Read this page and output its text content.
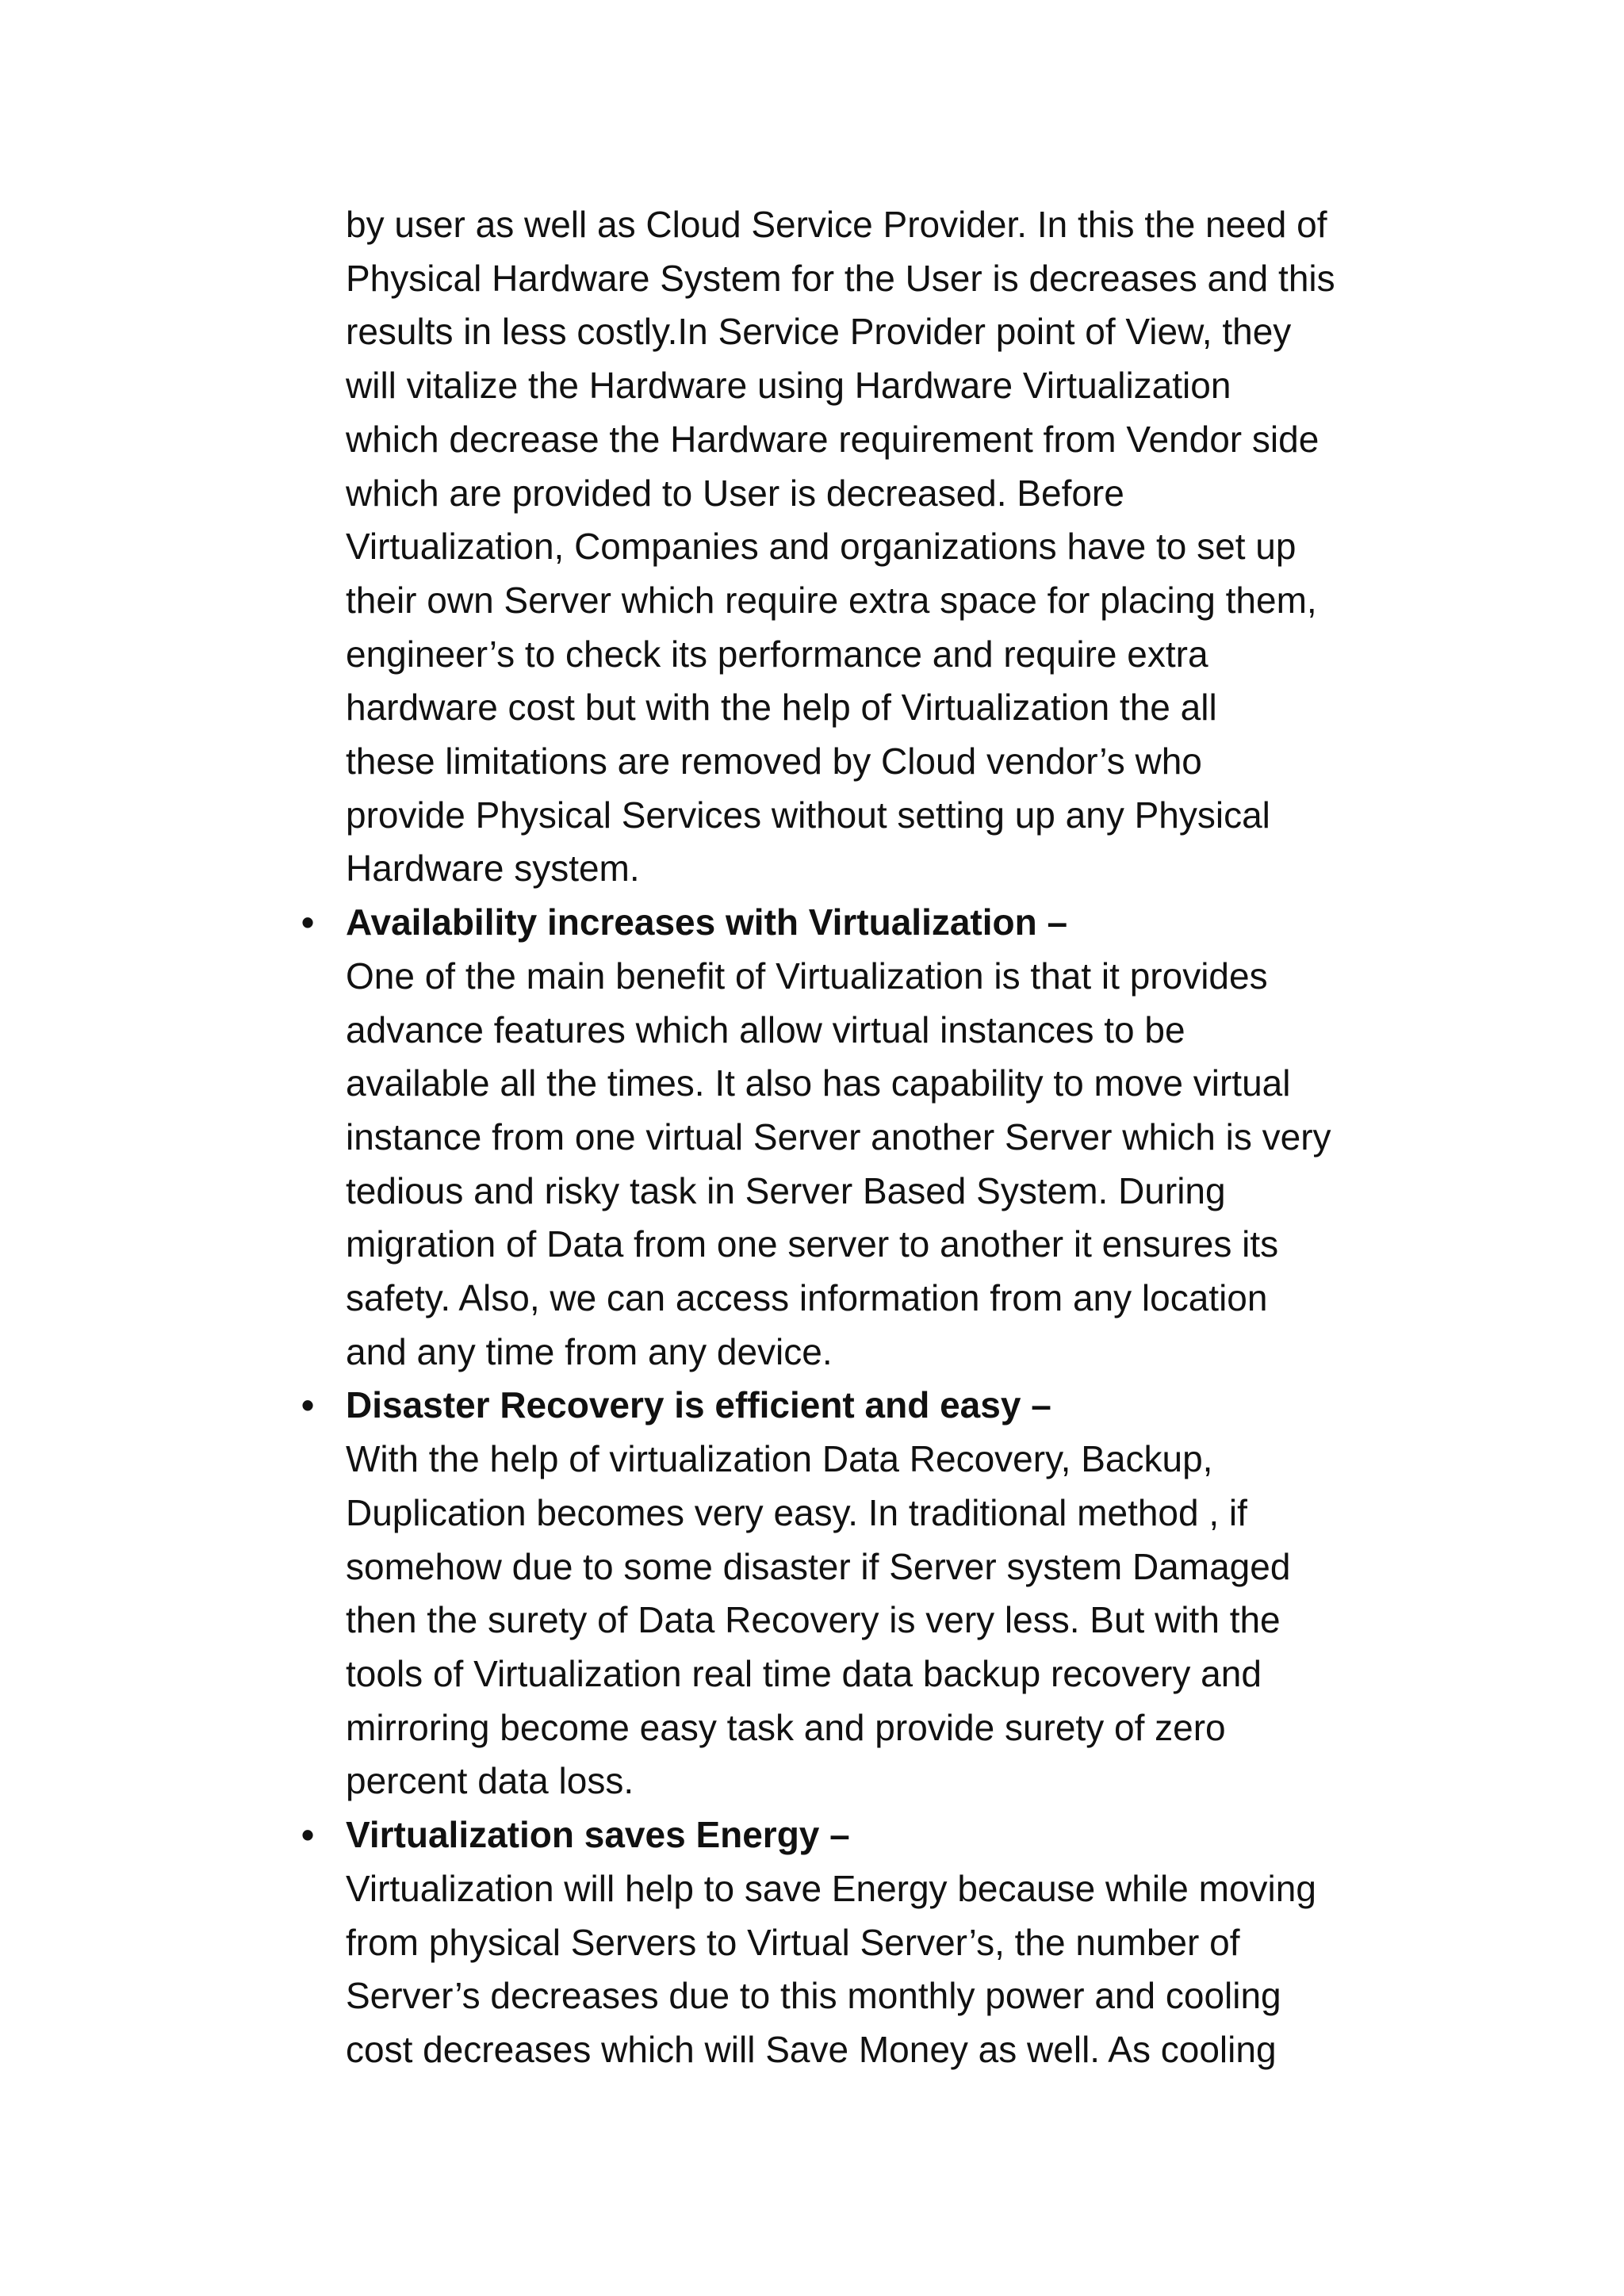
by user as well as Cloud Service Provider. In this the need of
Physical Hardware System for the User is decreases and this
results in less costly.In Service Provider point of View, they
will vitalize the Hardware using Hardware Virtualization
which decrease the Hardware requirement from Vendor side
which are provided to User is decreased. Before
Virtualization, Companies and organizations have to set up
their own Server which require extra space for placing them,
engineer’s to check its performance and require extra
hardware cost but with the help of Virtualization the all
these limitations are removed by Cloud vendor’s who
provide Physical Services without setting up any Physical
Hardware system.
• Availability increases with Virtualization –
One of the main benefit of Virtualization is that it provides
advance features which allow virtual instances to be
available all the times. It also has capability to move virtual
instance from one virtual Server another Server which is very
tedious and risky task in Server Based System. During
migration of Data from one server to another it ensures its
safety. Also, we can access information from any location
and any time from any device.
• Disaster Recovery is efficient and easy –
With the help of virtualization Data Recovery, Backup,
Duplication becomes very easy. In traditional method , if
somehow due to some disaster if Server system Damaged
then the surety of Data Recovery is very less. But with the
tools of Virtualization real time data backup recovery and
mirroring become easy task and provide surety of zero
percent data loss.
• Virtualization saves Energy –
Virtualization will help to save Energy because while moving
from physical Servers to Virtual Server’s, the number of
Server’s decreases due to this monthly power and cooling
cost decreases which will Save Money as well. As cooling
